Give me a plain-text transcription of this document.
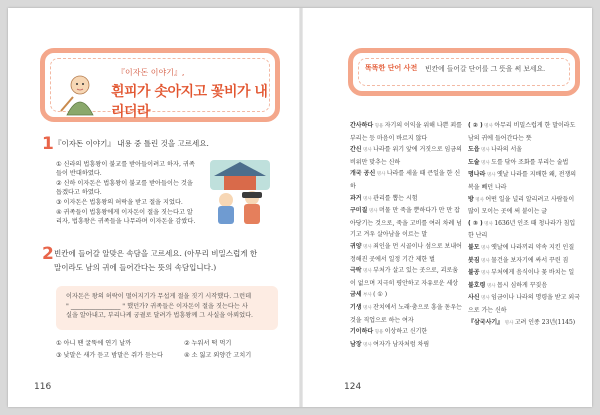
『이자돈 이야기』,
흰피가 솟아지고 꽃비가 내리더라
1 『이자돈 이야기』 내용 중 틀린 것을 고르세요.
① 신라의 법흥왕이 불교를 받아들이려고 하자, 귀족들이 반대하였다.
② 신하 이자돈은 법흥왕이 불교를 받아들이는 것을 돕겠다고 하였다.
③ 이자돈은 법흥왕의 허락을 받고 절을 지었다.
④ 귀족들이 법흥왕에게 이자돈이 절을 짓는다고 알리자, 법흥왕은 귀족들을 나무라며 이자돈을 감쌌다.
2 빈칸에 들어갈 알맞은 속담을 고르세요. (아무리 비밀스럽게 한
말이라도 남의 귀에 들어간다는 뜻의 속담입니다.)
이자돈은 왕의 허락이 떨어지기가 무섭게 절을 짓기 시작했다. 그런데
" ________________ " 했던가? 귀족들은 이자돈이 절을 짓는다는 사
실을 알아내고, 부리나케 궁궐로 달려가 법흥왕께 그 사실을 아뢰었다.
① 아니 땐 굴뚝에 연기 날까	② 누워서 떡 먹기
③ 낮말은 새가 듣고 밤말은 쥐가 듣는다	④ 소 잃고 외양간 고치기
116
똑똑한 단어 사전 빈칸에 들어갈 단어를 그 뜻을 써 보세요.
간사하다 형용 자기의 이익을 위해 나쁜 꾀를 부리는 등 마음이 바르지 않다
간신 명사 나라를 위기 앞에 거짓으로 임금의 비위만 맞추는 신하
개국 공신 명사 나라를 세울 때 큰일을 한 신하
과거 명사 관리를 뽑는 시험
구미질 명사 머물 만 죽을 뿐하다가 만 만 잡아당기는 것으로, 죽을 고비를 여러 차례 넘기고 겨우 살아남을 이르는 말
귀양 명사 죄인을 먼 시골이나 섬으로 보내어 정해진 곳에서 일정 기간 제한 벌
극락 명사 부처가 살고 있는 곳으로, 괴로움이 없으며 지극히 평안하고 자유로운 세상
금세 부사 ( ① )
기생 명사 잔치에서 노래·춤으로 흥을 돋우는 것을 직업으로 하는 여자
기이하다 형용 이상하고 신기한
남장 명사 여자가 남자처럼 차림
( ② ) 명사 아무리 비밀스럽게 한 말이라도 남의 귀에 들어간다는 뜻
도읍 명사 나라의 서울
도술 명사 도를 닦아 조화를 부리는 술법
명나라 명사 옛날 나라를 지배한 왜, 전쟁의 복을 빼던 나라
방 명사 어떤 일을 널리 알리려고 사람들이 많이 모이는 곳에 써 붙이는 글
( ③ ) 명사 1636년 인조 때 청나라가 침입한 난리
불모 명사 옛날에 나라끼리 약속 지킨 인질
봇짐 명사 물건을 보자기에 싸서 꾸린 짐
불공 명사 부처에게 음식이나 꽃 바치는 일
불호령 명사 몹시 심하게 꾸짖음
사신 명사 임금이나 나라의 명령을 받고 외국으로 가는 신하
『삼국사기』 명사 고려 인종 23년(1145)
124
